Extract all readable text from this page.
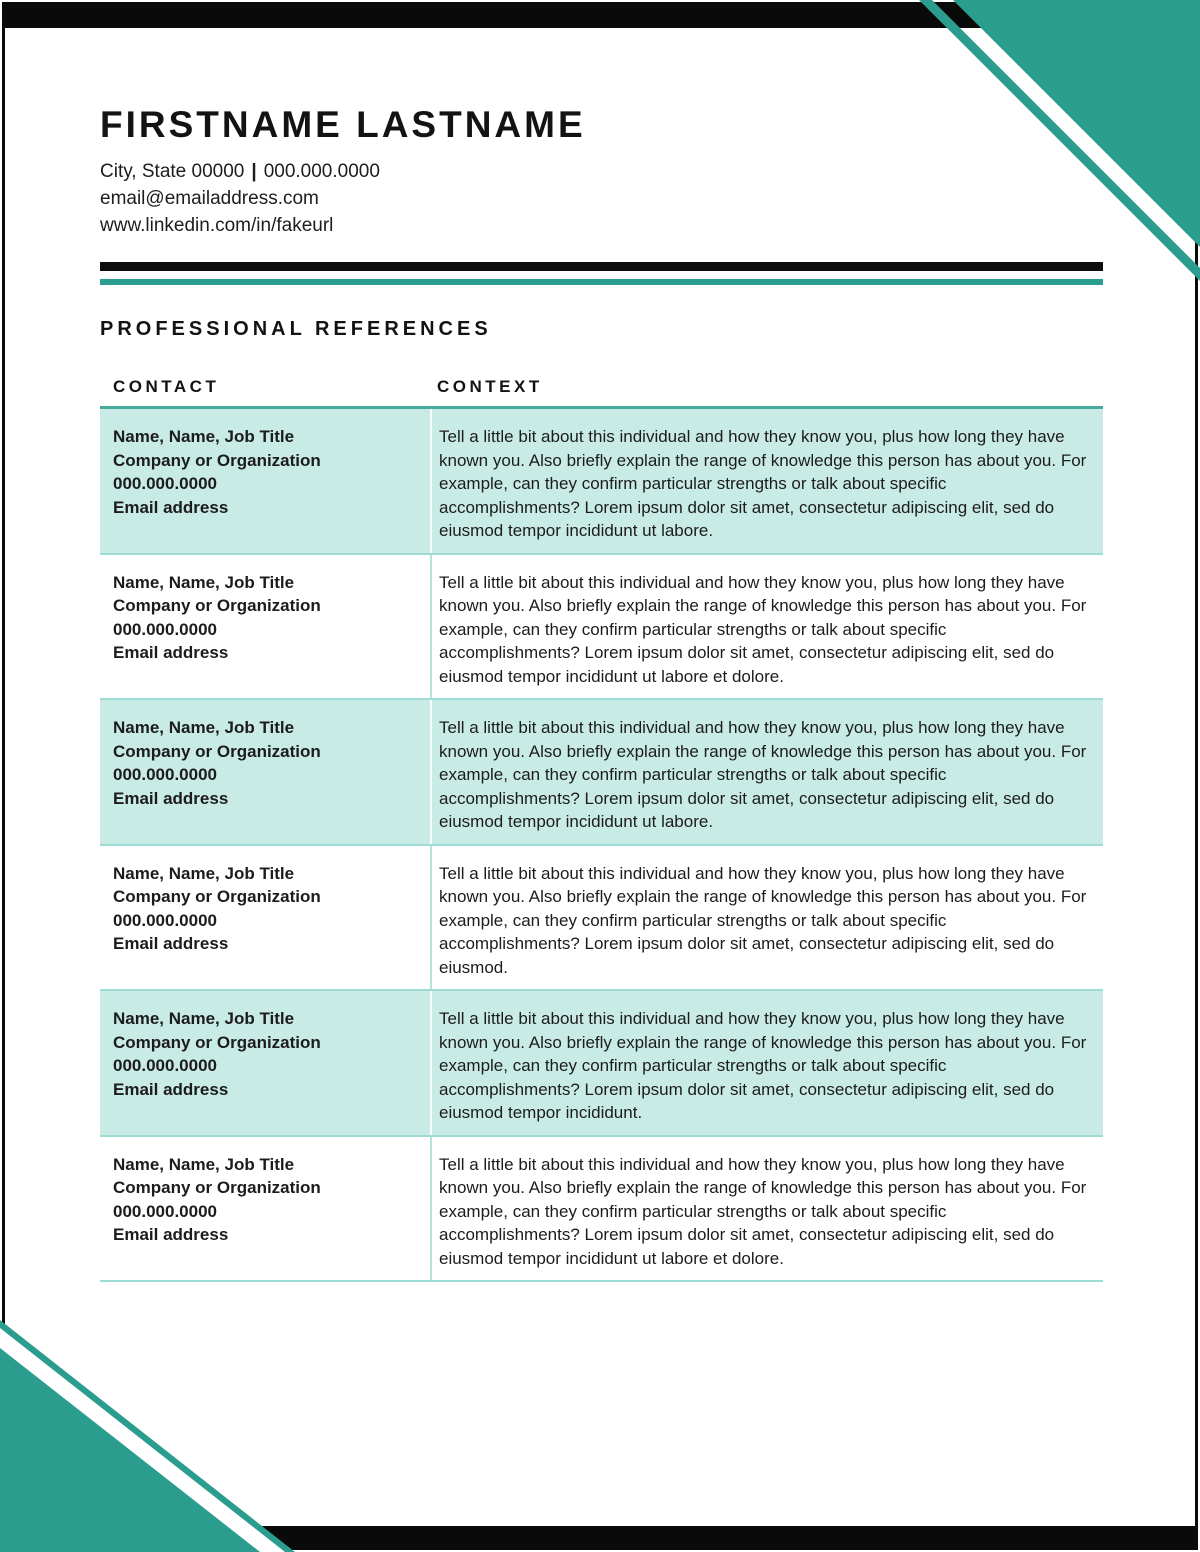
FIRSTNAME LASTNAME
City, State 00000 | 000.000.0000
email@emailaddress.com
www.linkedin.com/in/fakeurl
PROFESSIONAL REFERENCES
CONTACT	CONTEXT
Name, Name, Job Title
Company or Organization
000.000.0000
Email address
Tell a little bit about this individual and how they know you, plus how long they have known you. Also briefly explain the range of knowledge this person has about you. For example, can they confirm particular strengths or talk about specific accomplishments? Lorem ipsum dolor sit amet, consectetur adipiscing elit, sed do eiusmod tempor incididunt ut labore.
Name, Name, Job Title
Company or Organization
000.000.0000
Email address
Tell a little bit about this individual and how they know you, plus how long they have known you. Also briefly explain the range of knowledge this person has about you. For example, can they confirm particular strengths or talk about specific accomplishments? Lorem ipsum dolor sit amet, consectetur adipiscing elit, sed do eiusmod tempor incididunt ut labore et dolore.
Name, Name, Job Title
Company or Organization
000.000.0000
Email address
Tell a little bit about this individual and how they know you, plus how long they have known you. Also briefly explain the range of knowledge this person has about you. For example, can they confirm particular strengths or talk about specific accomplishments? Lorem ipsum dolor sit amet, consectetur adipiscing elit, sed do eiusmod tempor incididunt ut labore.
Name, Name, Job Title
Company or Organization
000.000.0000
Email address
Tell a little bit about this individual and how they know you, plus how long they have known you. Also briefly explain the range of knowledge this person has about you. For example, can they confirm particular strengths or talk about specific accomplishments? Lorem ipsum dolor sit amet, consectetur adipiscing elit, sed do eiusmod.
Name, Name, Job Title
Company or Organization
000.000.0000
Email address
Tell a little bit about this individual and how they know you, plus how long they have known you. Also briefly explain the range of knowledge this person has about you. For example, can they confirm particular strengths or talk about specific accomplishments? Lorem ipsum dolor sit amet, consectetur adipiscing elit, sed do eiusmod tempor incididunt.
Name, Name, Job Title
Company or Organization
000.000.0000
Email address
Tell a little bit about this individual and how they know you, plus how long they have known you. Also briefly explain the range of knowledge this person has about you. For example, can they confirm particular strengths or talk about specific accomplishments? Lorem ipsum dolor sit amet, consectetur adipiscing elit, sed do eiusmod tempor incididunt ut labore et dolore.
